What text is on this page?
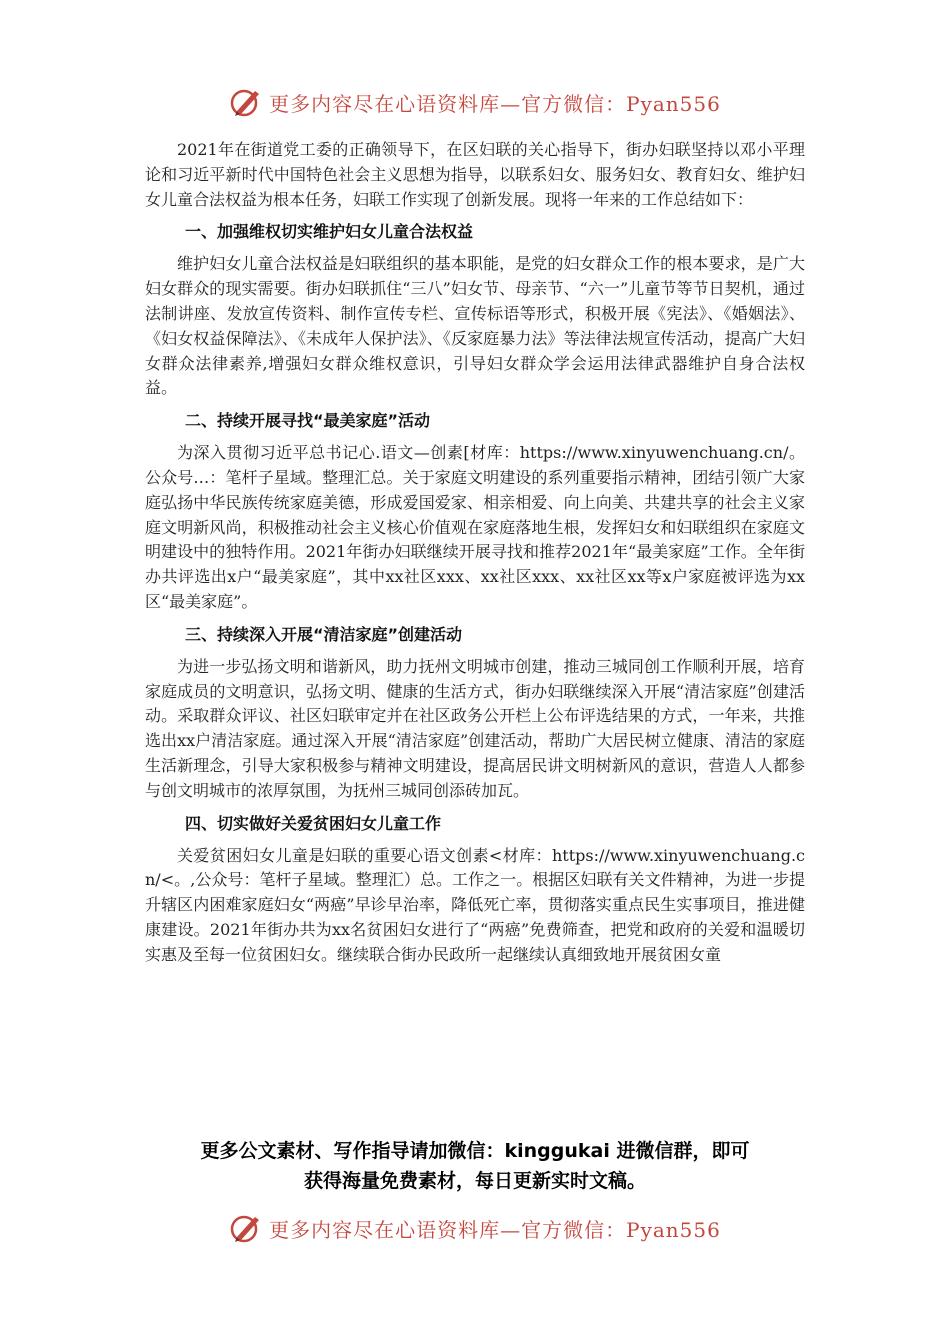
更多内容尽在心语资料库—官方微信：Pyan556

2021年在街道党工委的正确领导下，在区妇联的关心指导下，街办妇联坚持以邓小平理论和习近平新时代中国特色社会主义思想为指导，以联系妇女、服务妇女、教育妇女、维护妇女儿童合法权益为根本任务，妇联工作实现了创新发展。现将一年来的工作总结如下：

一、加强维权切实维护妇女儿童合法权益

维护妇女儿童合法权益是妇联组织的基本职能，是党的妇女群众工作的根本要求，是广大妇女群众的现实需要。街办妇联抓住“三八”妇女节、母亲节、“六一”儿童节等节日契机，通过法制讲座、发放宣传资料、制作宣传专栏、宣传标语等形式，积极开展《宪法》、《婚姻法》、《妇女权益保障法》、《未成年人保护法》、《反家庭暴力法》等法律法规宣传活动，提高广大妇女群众法律素养,增强妇女群众维权意识，引导妇女群众学会运用法律武器维护自身合法权益。

二、持续开展寻找“最美家庭”活动

为深入贯彻习近平总书记心.语文—创素[材库：https://www.xinyuwenchuang.cn/。公众号…：笔杆子星域。整理汇总。关于家庭文明建设的系列重要指示精神，团结引领广大家庭弘扬中华民族传统家庭美德，形成爱国爱家、相亲相爱、向上向美、共建共享的社会主义家庭文明新风尚，积极推动社会主义核心价值观在家庭落地生根，发挥妇女和妇联组织在家庭文明建设中的独特作用。2021年街办妇联继续开展寻找和推荐2021年“最美家庭”工作。全年街办共评选出x户“最美家庭”，其中xx社区xxx、xx社区xxx、xx社区xx等x户家庭被评选为xx区“最美家庭”。

三、持续深入开展“清洁家庭”创建活动

为进一步弘扬文明和谐新风，助力抚州文明城市创建，推动三城同创工作顺利开展，培育家庭成员的文明意识，弘扬文明、健康的生活方式，街办妇联继续深入开展“清洁家庭”创建活动。采取群众评议、社区妇联审定并在社区政务公开栏上公布评选结果的方式，一年来，共推选出xx户清洁家庭。通过深入开展“清洁家庭”创建活动，帮助广大居民树立健康、清洁的家庭生活新理念，引导大家积极参与精神文明建设，提高居民讲文明树新风的意识，营造人人都参与创文明城市的浓厚氛围，为抚州三城同创添砖加瓦。

四、切实做好关爱贫困妇女儿童工作

关爱贫困妇女儿童是妇联的重要心语文创素<材库：https://www.xinyuwenchuang.cn/<。,公众号：笔杆子星域。整理汇）总。工作之一。根据区妇联有关文件精神，为进一步提升辖区内困难家庭妇女“两癌”早诊早治率，降低死亡率，贯彻落实重点民生实事项目，推进健康建设。2021年街办共为xx名贫困妇女进行了“两癌”免费筛查，把党和政府的关爱和温暖切实惠及至每一位贫困妇女。继续联合街办民政所一起继续认真细致地开展贫困女童

更多公文素材、写作指导请加微信：kinggukai 进微信群，即可
获得海量免费素材，每日更新实时文稿。
更多内容尽在心语资料库—官方微信：Pyan556
